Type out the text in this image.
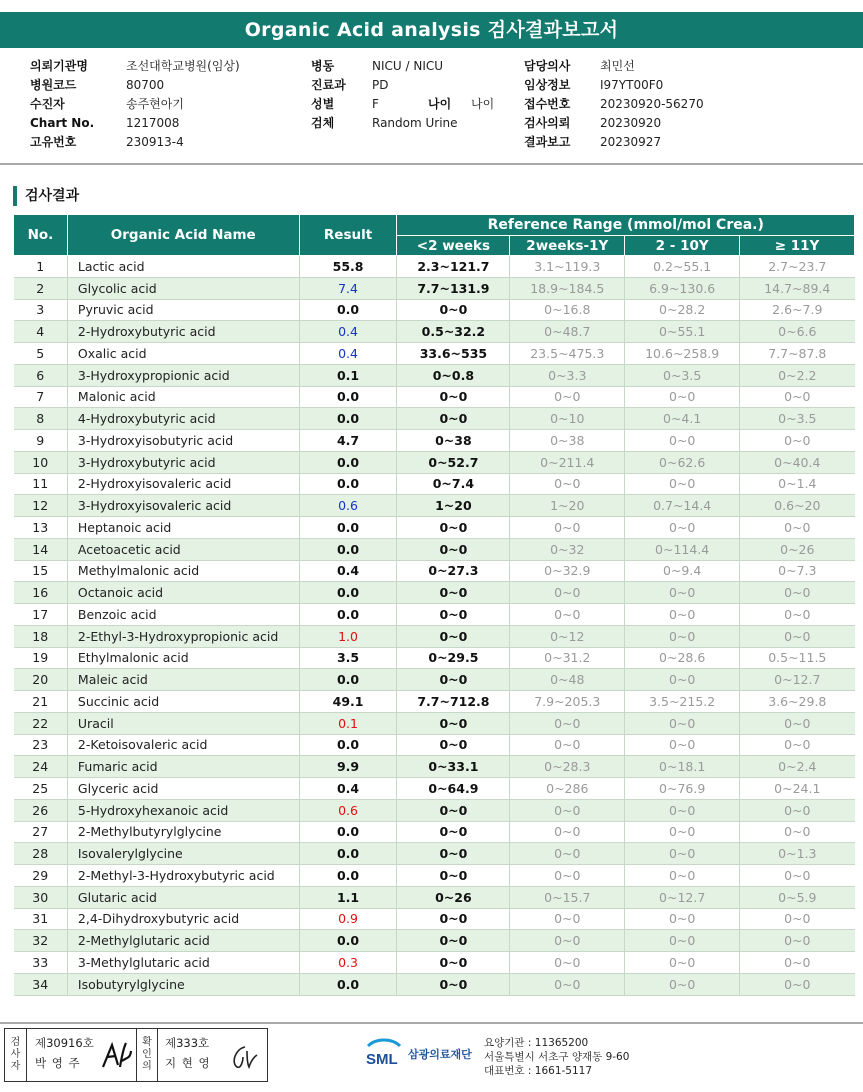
Organic Acid analysis 검사결과보고서
의뢰기관명	조선대학교병원(임상)	병동	NICU / NICU	담당의사 최민선
병원코드	80700	진료과 PD	임상정보 I97YT00F0
수진자	송주현아기	성별	F	나이 나이 접수번호 20230920-56270
Chart No.	1217008	검체	Random Urine	검사의뢰 20230920
고유번호	230913-4	결과보고 20230927
검사결과
No.	Organic Acid Name	Result	Reference Range (mmol/mol Crea.)			
			<2 weeks	2weeks-1Y	2 - 10Y	≥ 11Y
1	Lactic acid	55.8	2.3~121.7	3.1~119.3	0.2~55.1	2.7~23.7
2	Glycolic acid	7.4	7.7~131.9	18.9~184.5	6.9~130.6	14.7~89.4
3	Pyruvic acid	0.0	0~0	0~16.8	0~28.2	2.6~7.9
4	2-Hydroxybutyric acid	0.4	0.5~32.2	0~48.7	0~55.1	0~6.6
5	Oxalic acid	0.4	33.6~535	23.5~475.3	10.6~258.9	7.7~87.8
6	3-Hydroxypropionic acid	0.1	0~0.8	0~3.3	0~3.5	0~2.2
7	Malonic acid	0.0	0~0	0~0	0~0	0~0
8	4-Hydroxybutyric acid	0.0	0~0	0~10	0~4.1	0~3.5
9	3-Hydroxyisobutyric acid	4.7	0~38	0~38	0~0	0~0
10	3-Hydroxybutyric acid	0.0	0~52.7	0~211.4	0~62.6	0~40.4
11	2-Hydroxyisovaleric acid	0.0	0~7.4	0~0	0~0	0~1.4
12	3-Hydroxyisovaleric acid	0.6	1~20	1~20	0.7~14.4	0.6~20
13	Heptanoic acid	0.0	0~0	0~0	0~0	0~0
14	Acetoacetic acid	0.0	0~0	0~32	0~114.4	0~26
15	Methylmalonic acid	0.4	0~27.3	0~32.9	0~9.4	0~7.3
16	Octanoic acid	0.0	0~0	0~0	0~0	0~0
17	Benzoic acid	0.0	0~0	0~0	0~0	0~0
18	2-Ethyl-3-Hydroxypropionic acid	1.0	0~0	0~12	0~0	0~0
19	Ethylmalonic acid	3.5	0~29.5	0~31.2	0~28.6	0.5~11.5
20	Maleic acid	0.0	0~0	0~48	0~0	0~12.7
21	Succinic acid	49.1	7.7~712.8	7.9~205.3	3.5~215.2	3.6~29.8
22	Uracil	0.1	0~0	0~0	0~0	0~0
23	2-Ketoisovaleric acid	0.0	0~0	0~0	0~0	0~0
24	Fumaric acid	9.9	0~33.1	0~28.3	0~18.1	0~2.4
25	Glyceric acid	0.4	0~64.9	0~286	0~76.9	0~24.1
26	5-Hydroxyhexanoic acid	0.6	0~0	0~0	0~0	0~0
27	2-Methylbutyrylglycine	0.0	0~0	0~0	0~0	0~0
28	Isovalerylglycine	0.0	0~0	0~0	0~0	0~1.3
29	2-Methyl-3-Hydroxybutyric acid	0.0	0~0	0~0	0~0	0~0
30	Glutaric acid	1.1	0~26	0~15.7	0~12.7	0~5.9
31	2,4-Dihydroxybutyric acid	0.9	0~0	0~0	0~0	0~0
32	2-Methylglutaric acid	0.0	0~0	0~0	0~0	0~0
33	3-Methylglutaric acid	0.3	0~0	0~0	0~0	0~0
34	Isobutyrylglycine	0.0	0~0	0~0	0~0	0~0
검
사
자
제30916호
박 영 주
확
인
의
제333호
지 현 영	SML 삼광의료재단
요양기관 : 11365200
서울특별시 서초구 양재동 9-60
대표번호 : 1661-5117
